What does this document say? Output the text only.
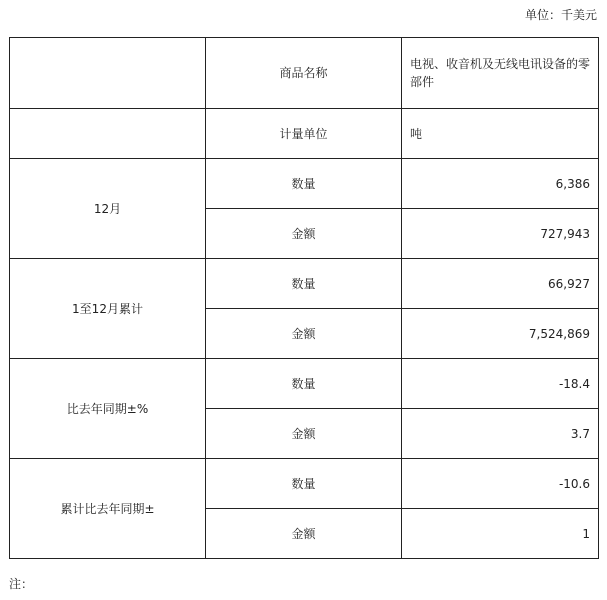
单位：千美元
	商品名称	电视、收音机及无线电讯设备的零部件
	计量单位	吨
12月	数量	6,386
	金额	727,943
1至12月累计	数量	66,927
	金额	7,524,869
比去年同期±%	数量	-18.4
	金额	3.7
累计比去年同期±	数量	-10.6
	金额	1
注：
